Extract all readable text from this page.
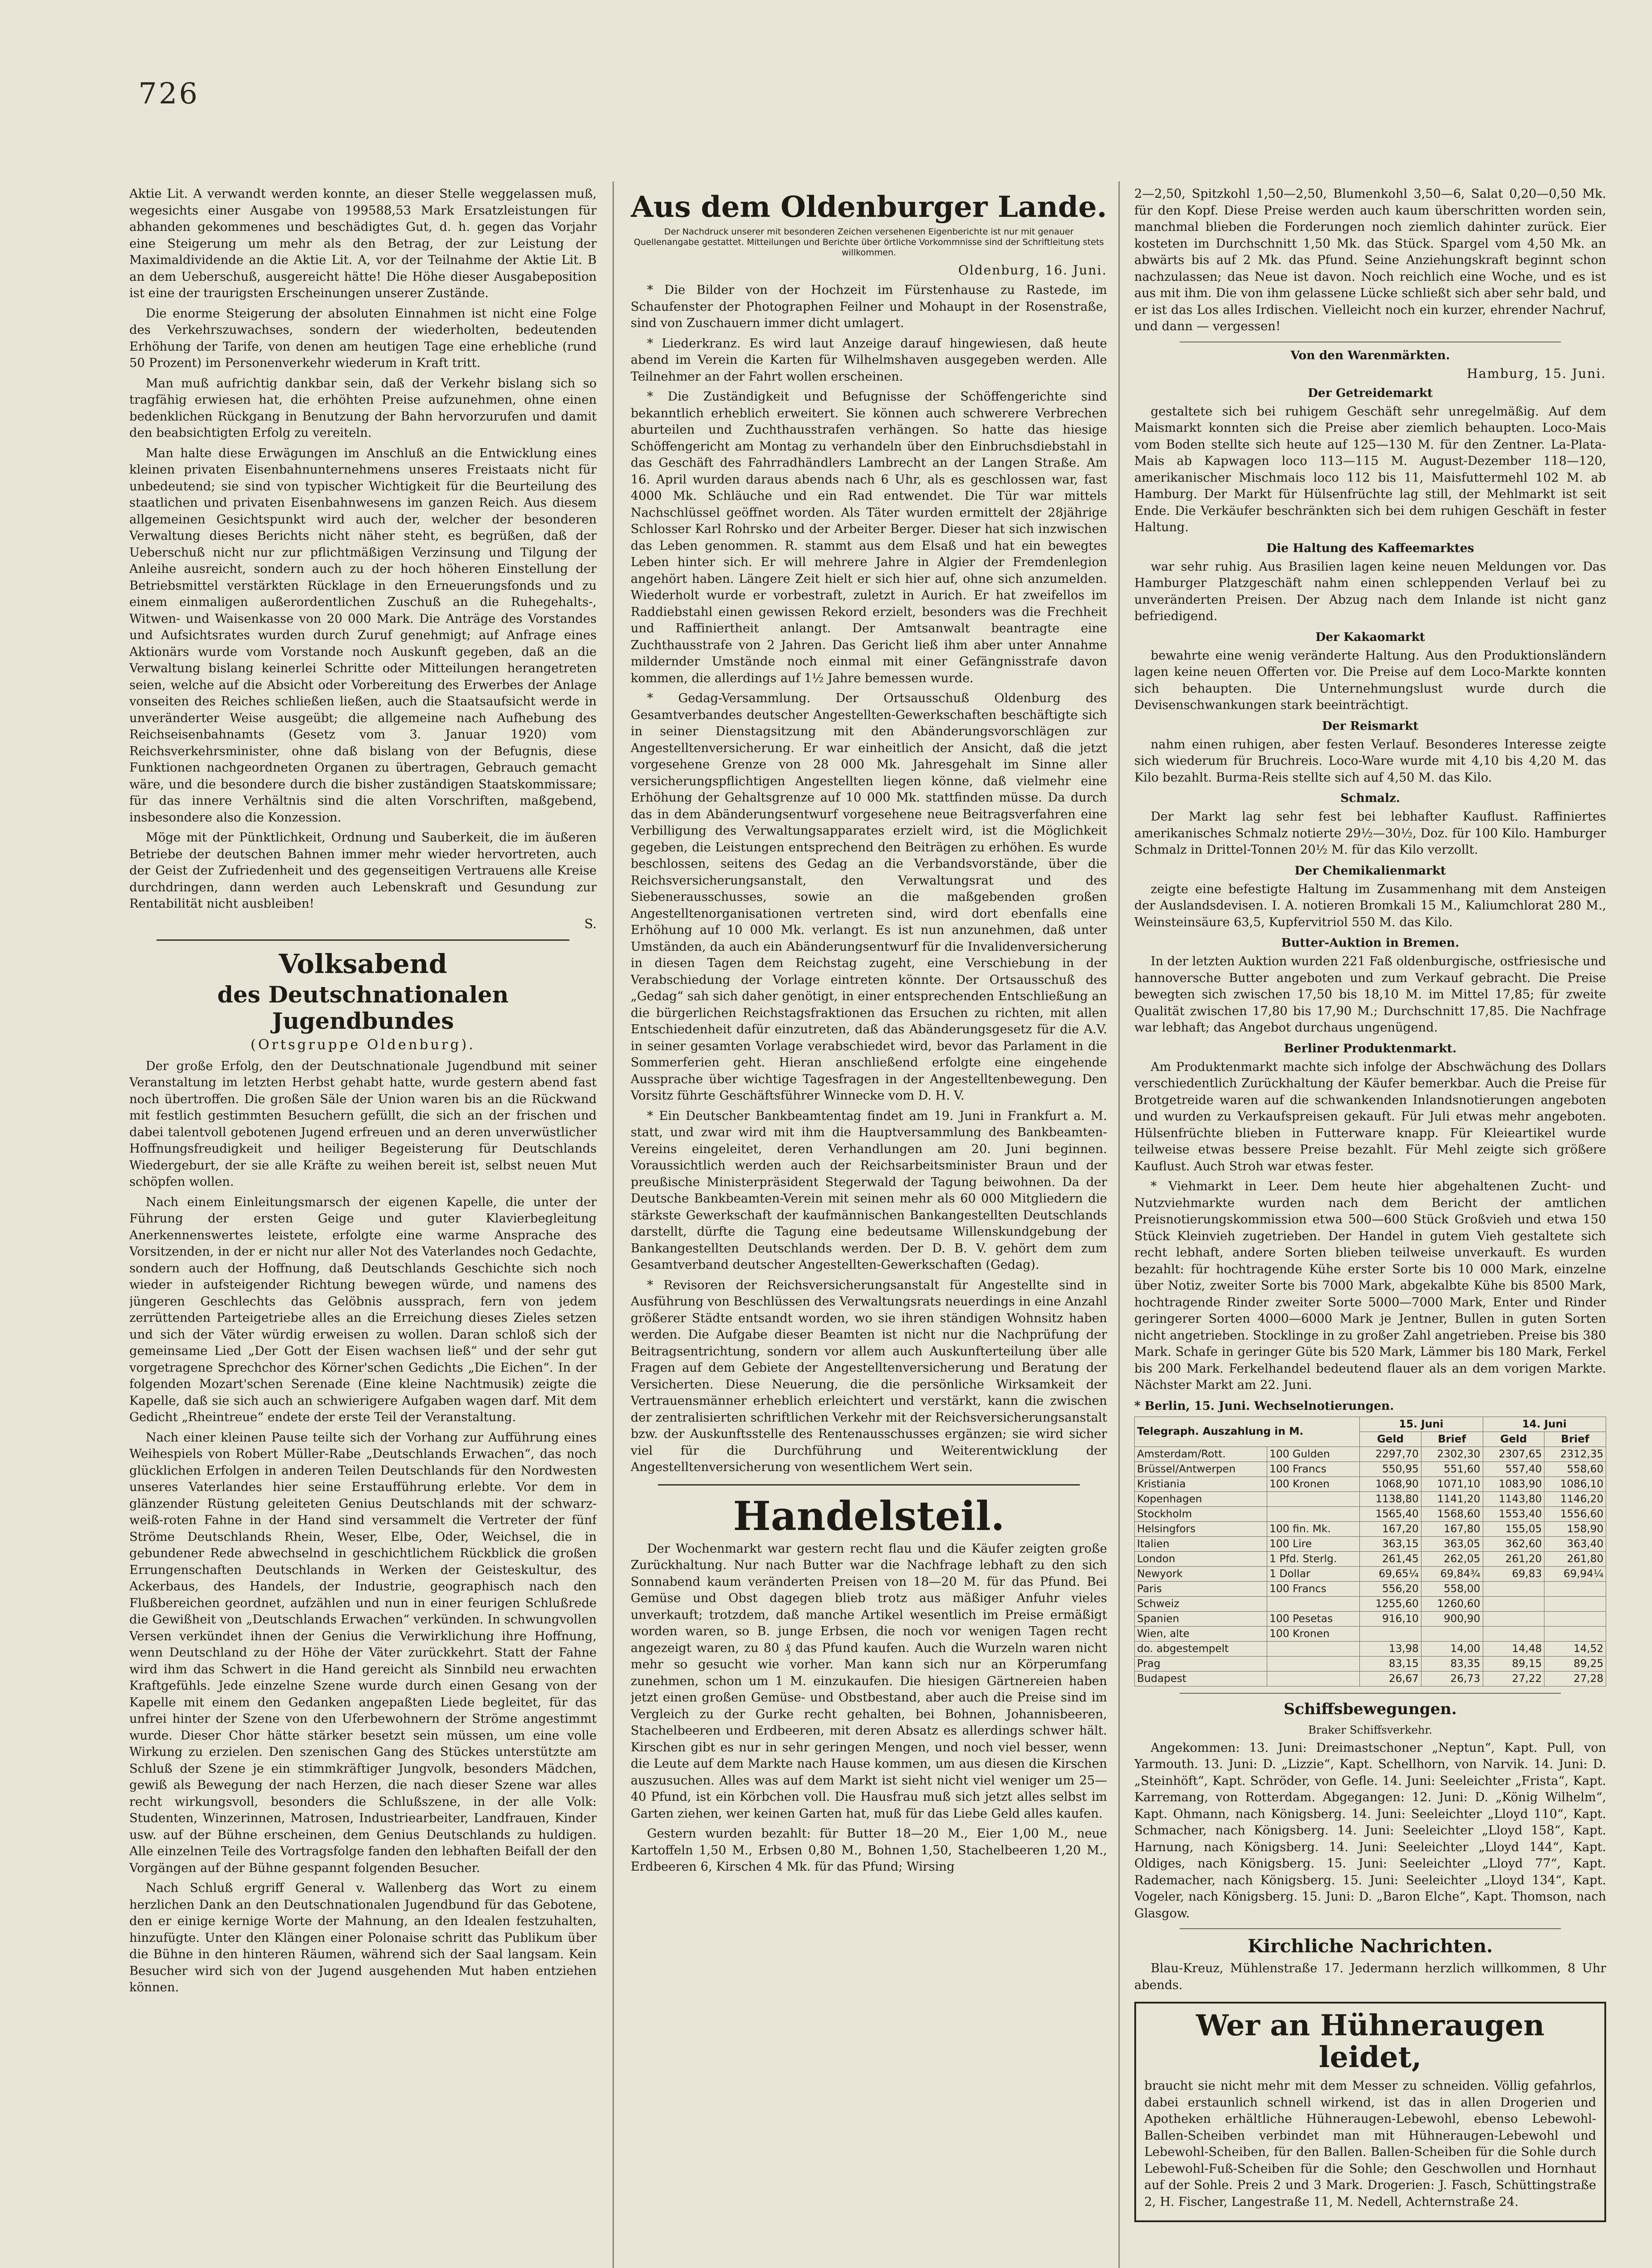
726

Aktie Lit. A verwandt werden konnte, an dieser Stelle weggelassen muß, wegesichts einer Ausgabe von 199588,53 Mark Ersatzleistungen für abhanden gekommenes und beschädigtes Gut, d. h. gegen das Vorjahr eine Steigerung um mehr als den Betrag, der zur Leistung der Maximaldividende an die Aktie Lit. A, vor der Teilnahme der Aktie Lit. B an dem Ueberschuß, ausgereicht hätte! Die Höhe dieser Ausgabeposition ist eine der traurigsten Erscheinungen unserer Zustände.

Die enorme Steigerung der absoluten Einnahmen ist nicht eine Folge des Verkehrszuwachses, sondern der wiederholten, bedeutenden Erhöhung der Tarife, von denen am heutigen Tage eine erhebliche (rund 50 Prozent) im Personenverkehr wiederum in Kraft tritt.

Man muß aufrichtig dankbar sein, daß der Verkehr bislang sich so tragfähig erwiesen hat, die erhöhten Preise aufzunehmen, ohne einen bedenklichen Rückgang in Benutzung der Bahn hervorzurufen und damit den beabsichtigten Erfolg zu vereiteln.

Man halte diese Erwägungen im Anschluß an die Entwicklung eines kleinen privaten Eisenbahnunternehmens unseres Freistaats nicht für unbedeutend; sie sind von typischer Wichtigkeit für die Beurteilung des staatlichen und privaten Eisenbahnwesens im ganzen Reich. Aus diesem allgemeinen Gesichtspunkt wird auch der, welcher der besonderen Verwaltung dieses Berichts nicht näher steht, es begrüßen, daß der Ueberschuß nicht nur zur pflichtmäßigen Verzinsung und Tilgung der Anleihe ausreicht, sondern auch zu der hoch höheren Einstellung der Betriebsmittel verstärkten Rücklage in den Erneuerungsfonds und zu einem einmaligen außerordentlichen Zuschuß an die Ruhegehalts-, Witwen- und Waisenkasse von 20 000 Mark. Die Anträge des Vorstandes und Aufsichtsrates wurden durch Zuruf genehmigt; auf Anfrage eines Aktionärs wurde vom Vorstande noch Auskunft gegeben, daß an die Verwaltung bislang keinerlei Schritte oder Mitteilungen herangetreten seien, welche auf die Absicht oder Vorbereitung des Erwerbes der Anlage vonseiten des Reiches schließen ließen, auch die Staatsaufsicht werde in unveränderter Weise ausgeübt; die allgemeine nach Aufhebung des Reichseisenbahnamts (Gesetz vom 3. Januar 1920) vom Reichsverkehrsminister, ohne daß bislang von der Befugnis, diese Funktionen nachgeordneten Organen zu übertragen, Gebrauch gemacht wäre, und die besondere durch die bisher zuständigen Staatskommissare; für das innere Verhältnis sind die alten Vorschriften, maßgebend, insbesondere also die Konzession.

Möge mit der Pünktlichkeit, Ordnung und Sauberkeit, die im äußeren Betriebe der deutschen Bahnen immer mehr wieder hervortreten, auch der Geist der Zufriedenheit und des gegenseitigen Vertrauens alle Kreise durchdringen, dann werden auch Lebenskraft und Gesundung zur Rentabilität nicht ausbleiben!

S.
Volksabend
des Deutschnationalen Jugendbundes
(Ortsgruppe Oldenburg).

Der große Erfolg, den der Deutschnationale Jugendbund mit seiner Veranstaltung im letzten Herbst gehabt hatte, wurde gestern abend fast noch übertroffen. Die großen Säle der Union waren bis an die Rückwand mit festlich gestimmten Besuchern gefüllt, die sich an der frischen und dabei talentvoll gebotenen Jugend erfreuen und an deren unverwüstlicher Hoffnungsfreudigkeit und heiliger Begeisterung für Deutschlands Wiedergeburt, der sie alle Kräfte zu weihen bereit ist, selbst neuen Mut schöpfen wollen.

Nach einem Einleitungsmarsch der eigenen Kapelle, die unter der Führung der ersten Geige und guter Klavierbegleitung Anerkennenswertes leistete, erfolgte eine warme Ansprache des Vorsitzenden, in der er nicht nur aller Not des Vaterlandes noch Gedachte, sondern auch der Hoffnung, daß Deutschlands Geschichte sich noch wieder in aufsteigender Richtung bewegen würde, und namens des jüngeren Geschlechts das Gelöbnis aussprach, fern von jedem zerrüttenden Parteigetriebe alles an die Erreichung dieses Zieles setzen und sich der Väter würdig erweisen zu wollen. Daran schloß sich der gemeinsame Lied „Der Gott der Eisen wachsen ließ“ und der sehr gut vorgetragene Sprechchor des Körner'schen Gedichts „Die Eichen“. In der folgenden Mozart'schen Serenade (Eine kleine Nachtmusik) zeigte die Kapelle, daß sie sich auch an schwierigere Aufgaben wagen darf. Mit dem Gedicht „Rheintreue“ endete der erste Teil der Veranstaltung.

Nach einer kleinen Pause teilte sich der Vorhang zur Aufführung eines Weihespiels von Robert Müller-Rabe „Deutschlands Erwachen“, das noch glücklichen Erfolgen in anderen Teilen Deutschlands für den Nordwesten unseres Vaterlandes hier seine Erstaufführung erlebte. Vor dem in glänzender Rüstung geleiteten Genius Deutschlands mit der schwarz-weiß-roten Fahne in der Hand sind versammelt die Vertreter der fünf Ströme Deutschlands Rhein, Weser, Elbe, Oder, Weichsel, die in gebundener Rede abwechselnd in geschichtlichem Rückblick die großen Errungenschaften Deutschlands in Werken der Geisteskultur, des Ackerbaus, des Handels, der Industrie, geographisch nach den Flußbereichen geordnet, aufzählen und nun in einer feurigen Schlußrede die Gewißheit von „Deutschlands Erwachen“ verkünden. In schwungvollen Versen verkündet ihnen der Genius die Verwirklichung ihre Hoffnung, wenn Deutschland zu der Höhe der Väter zurückkehrt. Statt der Fahne wird ihm das Schwert in die Hand gereicht als Sinnbild neu erwachten Kraftgefühls. Jede einzelne Szene wurde durch einen Gesang von der Kapelle mit einem den Gedanken angepaßten Liede begleitet, für das unfrei hinter der Szene von den Uferbewohnern der Ströme angestimmt wurde. Dieser Chor hätte stärker besetzt sein müssen, um eine volle Wirkung zu erzielen. Den szenischen Gang des Stückes unterstützte am Schluß der Szene je ein stimmkräftiger Jungvolk, besonders Mädchen, gewiß als Bewegung der nach Herzen, die nach dieser Szene war alles recht wirkungsvoll, besonders die Schlußszene, in der alle Volk: Studenten, Winzerinnen, Matrosen, Industriearbeiter, Landfrauen, Kinder usw. auf der Bühne erscheinen, dem Genius Deutschlands zu huldigen. Alle einzelnen Teile des Vortragsfolge fanden den lebhaften Beifall der den Vorgängen auf der Bühne gespannt folgenden Besucher.

Nach Schluß ergriff General v. Wallenberg das Wort zu einem herzlichen Dank an den Deutschnationalen Jugendbund für das Gebotene, den er einige kernige Worte der Mahnung, an den Idealen festzuhalten, hinzufügte. Unter den Klängen einer Polonaise schritt das Publikum über die Bühne in den hinteren Räumen, während sich der Saal langsam. Kein Besucher wird sich von der Jugend ausgehenden Mut haben entziehen können.

Aus dem Oldenburger Lande.
Der Nachdruck unserer mit besonderen Zeichen versehenen Eigenberichte ist nur mit genauer Quellenangabe gestattet. Mitteilungen und Berichte über örtliche Vorkommnisse sind der Schriftleitung stets willkommen.
Oldenburg, 16. Juni.

* Die Bilder von der Hochzeit im Fürstenhause zu Rastede, im Schaufenster der Photographen Feilner und Mohaupt in der Rosenstraße, sind von Zuschauern immer dicht umlagert.

* Liederkranz. Es wird laut Anzeige darauf hingewiesen, daß heute abend im Verein die Karten für Wilhelmshaven ausgegeben werden. Alle Teilnehmer an der Fahrt wollen erscheinen.

* Die Zuständigkeit und Befugnisse der Schöffengerichte sind bekanntlich erheblich erweitert. Sie können auch schwerere Verbrechen aburteilen und Zuchthausstrafen verhängen. So hatte das hiesige Schöffengericht am Montag zu verhandeln über den Einbruchsdiebstahl in das Geschäft des Fahrradhändlers Lambrecht an der Langen Straße. Am 16. April wurden daraus abends nach 6 Uhr, als es geschlossen war, fast 4000 Mk. Schläuche und ein Rad entwendet. Die Tür war mittels Nachschlüssel geöffnet worden. Als Täter wurden ermittelt der 28jährige Schlosser Karl Rohrsko und der Arbeiter Berger. Dieser hat sich inzwischen das Leben genommen. R. stammt aus dem Elsaß und hat ein bewegtes Leben hinter sich. Er will mehrere Jahre in Algier der Fremdenlegion angehört haben. Längere Zeit hielt er sich hier auf, ohne sich anzumelden. Wiederholt wurde er vorbestraft, zuletzt in Aurich. Er hat zweifellos im Raddiebstahl einen gewissen Rekord erzielt, besonders was die Frechheit und Raffiniertheit anlangt. Der Amtsanwalt beantragte eine Zuchthausstrafe von 2 Jahren. Das Gericht ließ ihm aber unter Annahme mildernder Umstände noch einmal mit einer Gefängnisstrafe davon kommen, die allerdings auf 1½ Jahre bemessen wurde.

* Gedag-Versammlung. Der Ortsausschuß Oldenburg des Gesamtverbandes deutscher Angestellten-Gewerkschaften beschäftigte sich in seiner Dienstagsitzung mit den Abänderungsvorschlägen zur Angestelltenversicherung. Er war einheitlich der Ansicht, daß die jetzt vorgesehene Grenze von 28 000 Mk. Jahresgehalt im Sinne aller versicherungspflichtigen Angestellten liegen könne, daß vielmehr eine Erhöhung der Gehaltsgrenze auf 10 000 Mk. stattfinden müsse. Da durch das in dem Abänderungsentwurf vorgesehene neue Beitragsverfahren eine Verbilligung des Verwaltungsapparates erzielt wird, ist die Möglichkeit gegeben, die Leistungen entsprechend den Beiträgen zu erhöhen. Es wurde beschlossen, seitens des Gedag an die Verbandsvorstände, über die Reichsversicherungsanstalt, den Verwaltungsrat und des Siebenerausschusses, sowie an die maßgebenden großen Angestelltenorganisationen vertreten sind, wird dort ebenfalls eine Erhöhung auf 10 000 Mk. verlangt. Es ist nun anzunehmen, daß unter Umständen, da auch ein Abänderungsentwurf für die Invalidenversicherung in diesen Tagen dem Reichstag zugeht, eine Verschiebung in der Verabschiedung der Vorlage eintreten könnte. Der Ortsausschuß des „Gedag“ sah sich daher genötigt, in einer entsprechenden Entschließung an die bürgerlichen Reichstagsfraktionen das Ersuchen zu richten, mit allen Entschiedenheit dafür einzutreten, daß das Abänderungsgesetz für die A.V. in seiner gesamten Vorlage verabschiedet wird, bevor das Parlament in die Sommerferien geht. Hieran anschließend erfolgte eine eingehende Aussprache über wichtige Tagesfragen in der Angestelltenbewegung. Den Vorsitz führte Geschäftsführer Winnecke vom D. H. V.

* Ein Deutscher Bankbeamtentag findet am 19. Juni in Frankfurt a. M. statt, und zwar wird mit ihm die Hauptversammlung des Bankbeamten-Vereins eingeleitet, deren Verhandlungen am 20. Juni beginnen. Voraussichtlich werden auch der Reichsarbeitsminister Braun und der preußische Ministerpräsident Stegerwald der Tagung beiwohnen. Da der Deutsche Bankbeamten-Verein mit seinen mehr als 60 000 Mitgliedern die stärkste Gewerkschaft der kaufmännischen Bankangestellten Deutschlands darstellt, dürfte die Tagung eine bedeutsame Willenskundgebung der Bankangestellten Deutschlands werden. Der D. B. V. gehört dem zum Gesamtverband deutscher Angestellten-Gewerkschaften (Gedag).

* Revisoren der Reichsversicherungsanstalt für Angestellte sind in Ausführung von Beschlüssen des Verwaltungsrats neuerdings in eine Anzahl größerer Städte entsandt worden, wo sie ihren ständigen Wohnsitz haben werden. Die Aufgabe dieser Beamten ist nicht nur die Nachprüfung der Beitragsentrichtung, sondern vor allem auch Auskunfterteilung über alle Fragen auf dem Gebiete der Angestelltenversicherung und Beratung der Versicherten. Diese Neuerung, die die persönliche Wirksamkeit der Vertrauensmänner erheblich erleichtert und verstärkt, kann die zwischen der zentralisierten schriftlichen Verkehr mit der Reichsversicherungsanstalt bzw. der Auskunftsstelle des Rentenausschusses ergänzen; sie wird sicher viel für die Durchführung und Weiterentwicklung der Angestelltenversicherung von wesentlichem Wert sein.

Handelsteil.

Der Wochenmarkt war gestern recht flau und die Käufer zeigten große Zurückhaltung. Nur nach Butter war die Nachfrage lebhaft zu den sich Sonnabend kaum veränderten Preisen von 18—20 M. für das Pfund. Bei Gemüse und Obst dagegen blieb trotz aus mäßiger Anfuhr vieles unverkauft; trotzdem, daß manche Artikel wesentlich im Preise ermäßigt worden waren, so B. junge Erbsen, die noch vor wenigen Tagen recht angezeigt waren, zu 80 ₰ das Pfund kaufen. Auch die Wurzeln waren nicht mehr so gesucht wie vorher. Man kann sich nur an Körperumfang zunehmen, schon um 1 M. einzukaufen. Die hiesigen Gärtnereien haben jetzt einen großen Gemüse- und Obstbestand, aber auch die Preise sind im Vergleich zu der Gurke recht gehalten, bei Bohnen, Johannisbeeren, Stachelbeeren und Erdbeeren, mit deren Absatz es allerdings schwer hält. Kirschen gibt es nur in sehr geringen Mengen, und noch viel besser, wenn die Leute auf dem Markte nach Hause kommen, um aus diesen die Kirschen auszusuchen. Alles was auf dem Markt ist sieht nicht viel weniger um 25—40 Pfund, ist ein Körbchen voll. Die Hausfrau muß sich jetzt alles selbst im Garten ziehen, wer keinen Garten hat, muß für das Liebe Geld alles kaufen.

Gestern wurden bezahlt: für Butter 18—20 M., Eier 1,00 M., neue Kartoffeln 1,50 M., Erbsen 0,80 M., Bohnen 1,50, Stachelbeeren 1,20 M., Erdbeeren 6, Kirschen 4 Mk. für das Pfund; Wirsing

2—2,50, Spitzkohl 1,50—2,50, Blumenkohl 3,50—6, Salat 0,20—0,50 Mk. für den Kopf. Diese Preise werden auch kaum überschritten worden sein, manchmal blieben die Forderungen noch ziemlich dahinter zurück. Eier kosteten im Durchschnitt 1,50 Mk. das Stück. Spargel vom 4,50 Mk. an abwärts bis auf 2 Mk. das Pfund. Seine Anziehungskraft beginnt schon nachzulassen; das Neue ist davon. Noch reichlich eine Woche, und es ist aus mit ihm. Die von ihm gelassene Lücke schließt sich aber sehr bald, und er ist das Los alles Irdischen. Vielleicht noch ein kurzer, ehrender Nachruf, und dann — vergessen!

Von den Warenmärkten.
Hamburg, 15. Juni.
Der Getreidemarkt

gestaltete sich bei ruhigem Geschäft sehr unregelmäßig. Auf dem Maismarkt konnten sich die Preise aber ziemlich behaupten. Loco-Mais vom Boden stellte sich heute auf 125—130 M. für den Zentner. La-Plata-Mais ab Kapwagen loco 113—115 M. August-Dezember 118—120, amerikanischer Mischmais loco 112 bis 11, Maisfuttermehl 102 M. ab Hamburg. Der Markt für Hülsenfrüchte lag still, der Mehlmarkt ist seit Ende. Die Verkäufer beschränkten sich bei dem ruhigen Geschäft in fester Haltung.

Die Haltung des Kaffeemarktes

war sehr ruhig. Aus Brasilien lagen keine neuen Meldungen vor. Das Hamburger Platzgeschäft nahm einen schleppenden Verlauf bei zu unveränderten Preisen. Der Abzug nach dem Inlande ist nicht ganz befriedigend.

Der Kakaomarkt

bewahrte eine wenig veränderte Haltung. Aus den Produktionsländern lagen keine neuen Offerten vor. Die Preise auf dem Loco-Markte konnten sich behaupten. Die Unternehmungslust wurde durch die Devisenschwankungen stark beeinträchtigt.

Der Reismarkt

nahm einen ruhigen, aber festen Verlauf. Besonderes Interesse zeigte sich wiederum für Bruchreis. Loco-Ware wurde mit 4,10 bis 4,20 M. das Kilo bezahlt. Burma-Reis stellte sich auf 4,50 M. das Kilo.

Schmalz.

Der Markt lag sehr fest bei lebhafter Kauflust. Raffiniertes amerikanisches Schmalz notierte 29½—30½, Doz. für 100 Kilo. Hamburger Schmalz in Drittel-Tonnen 20½ M. für das Kilo verzollt.

Der Chemikalienmarkt

zeigte eine befestigte Haltung im Zusammenhang mit dem Ansteigen der Auslandsdevisen. I. A. notieren Bromkali 15 M., Kaliumchlorat 280 M., Weinsteinsäure 63,5, Kupfervitriol 550 M. das Kilo.

Butter-Auktion in Bremen.

In der letzten Auktion wurden 221 Faß oldenburgische, ostfriesische und hannoversche Butter angeboten und zum Verkauf gebracht. Die Preise bewegten sich zwischen 17,50 bis 18,10 M. im Mittel 17,85; für zweite Qualität zwischen 17,80 bis 17,90 M.; Durchschnitt 17,85. Die Nachfrage war lebhaft; das Angebot durchaus ungenügend.

Berliner Produktenmarkt.

Am Produktenmarkt machte sich infolge der Abschwächung des Dollars verschiedentlich Zurückhaltung der Käufer bemerkbar. Auch die Preise für Brotgetreide waren auf die schwankenden Inlandsnotierungen angeboten und wurden zu Verkaufspreisen gekauft. Für Juli etwas mehr angeboten. Hülsenfrüchte blieben in Futterware knapp. Für Kleieartikel wurde teilweise etwas bessere Preise bezahlt. Für Mehl zeigte sich größere Kauflust. Auch Stroh war etwas fester.

* Viehmarkt in Leer. Dem heute hier abgehaltenen Zucht- und Nutzviehmarkte wurden nach dem Bericht der amtlichen Preisnotierungskommission etwa 500—600 Stück Großvieh und etwa 150 Stück Kleinvieh zugetrieben. Der Handel in gutem Vieh gestaltete sich recht lebhaft, andere Sorten blieben teilweise unverkauft. Es wurden bezahlt: für hochtragende Kühe erster Sorte bis 10 000 Mark, einzelne über Notiz, zweiter Sorte bis 7000 Mark, abgekalbte Kühe bis 8500 Mark, hochtragende Rinder zweiter Sorte 5000—7000 Mark, Enter und Rinder geringerer Sorten 4000—6000 Mark je Jentner, Bullen in guten Sorten nicht angetrieben. Stocklinge in zu großer Zahl angetrieben. Preise bis 380 Mark. Schafe in geringer Güte bis 520 Mark, Lämmer bis 180 Mark, Ferkel bis 200 Mark. Ferkelhandel bedeutend flauer als an dem vorigen Markte. Nächster Markt am 22. Juni.

* Berlin, 15. Juni. Wechselnotierungen.
Telegraph. Auszahlung in M.		15. Juni		14. Juni	
		Geld	Brief	Geld	Brief
Amsterdam/Rott.	100 Gulden	2297,70	2302,30	2307,65	2312,35
Brüssel/Antwerpen	100 Francs	550,95	551,60	557,40	558,60
Kristiania	100 Kronen	1068,90	1071,10	1083,90	1086,10
Kopenhagen		1138,80	1141,20	1143,80	1146,20
Stockholm		1565,40	1568,60	1553,40	1556,60
Helsingfors	100 fin. Mk.	167,20	167,80	155,05	158,90
Italien	100 Lire	363,15	363,05	362,60	363,40
London	1 Pfd. Sterlg.	261,45	262,05	261,20	261,80
Newyork	1 Dollar	69,65¼	69,84¾	69,83	69,94¼
Paris	100 Francs	556,20	558,00		
Schweiz		1255,60	1260,60		
Spanien	100 Pesetas	916,10	900,90		
Wien, alte	100 Kronen				
do. abgestempelt		13,98	14,00	14,48	14,52
Prag		83,15	83,35	89,15	89,25
Budapest		26,67	26,73	27,22	27,28
Schiffsbewegungen.
Braker Schiffsverkehr.

Angekommen: 13. Juni: Dreimastschoner „Neptun“, Kapt. Pull, von Yarmouth. 13. Juni: D. „Lizzie“, Kapt. Schellhorn, von Narvik. 14. Juni: D. „Steinhöft“, Kapt. Schröder, von Gefle. 14. Juni: Seeleichter „Frista“, Kapt. Karremang, von Rotterdam. Abgegangen: 12. Juni: D. „König Wilhelm“, Kapt. Ohmann, nach Königsberg. 14. Juni: Seeleichter „Lloyd 110“, Kapt. Schmacher, nach Königsberg. 14. Juni: Seeleichter „Lloyd 158“, Kapt. Harnung, nach Königsberg. 14. Juni: Seeleichter „Lloyd 144“, Kapt. Oldiges, nach Königsberg. 15. Juni: Seeleichter „Lloyd 77“, Kapt. Rademacher, nach Königsberg. 15. Juni: Seeleichter „Lloyd 134“, Kapt. Vogeler, nach Königsberg. 15. Juni: D. „Baron Elche“, Kapt. Thomson, nach Glasgow.

Kirchliche Nachrichten.

Blau-Kreuz, Mühlenstraße 17. Jedermann herzlich willkommen, 8 Uhr abends.

Wer an Hühneraugen leidet,

braucht sie nicht mehr mit dem Messer zu schneiden. Völlig gefahrlos, dabei erstaunlich schnell wirkend, ist das in allen Drogerien und Apotheken erhältliche Hühneraugen-Lebewohl, ebenso Lebewohl-Ballen-Scheiben verbindet man mit Hühneraugen-Lebewohl und Lebewohl-Scheiben, für den Ballen. Ballen-Scheiben für die Sohle durch Lebewohl-Fuß-Scheiben für die Sohle; den Geschwollen und Hornhaut auf der Sohle. Preis 2 und 3 Mark. Drogerien: J. Fasch, Schüttingstraße 2, H. Fischer, Langestraße 11, M. Nedell, Achternstraße 24.
